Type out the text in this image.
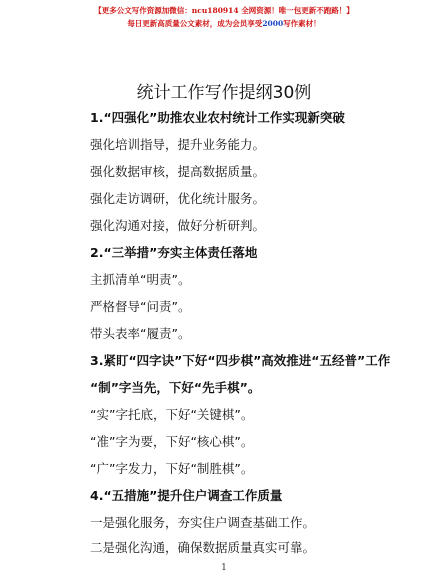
【更多公文写作资源加微信：ncu180914 全网资源！唯一包更新不跑路！】
每日更新高质量公文素材，成为会员享受2000写作素材！
统计工作写作提纲30例
1.“四强化”助推农业农村统计工作实现新突破
强化培训指导，提升业务能力。
强化数据审核，提高数据质量。
强化走访调研，优化统计服务。
强化沟通对接，做好分析研判。
2.“三举措”夯实主体责任落地
主抓清单“明责”。
严格督导“问责”。
带头表率“履责”。
3.紧盯“四字诀”下好“四步棋”高效推进“五经普”工作
“制”字当先，下好“先手棋”。
“实”字托底，下好“关键棋”。
“准”字为要，下好“核心棋”。
“广”字发力，下好“制胜棋”。
4.“五措施”提升住户调查工作质量
一是强化服务，夯实住户调查基础工作。
二是强化沟通，确保数据质量真实可靠。
1
